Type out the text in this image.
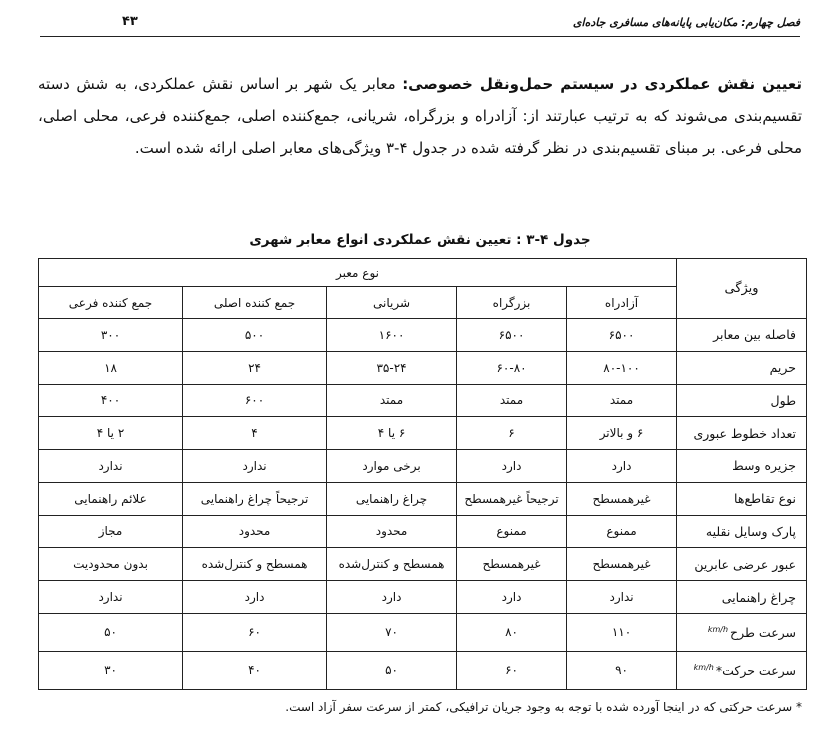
فصل چهارم: مکان‌یابی پایانه‌های مسافری جاده‌ای
۴۳
تعیین نقش عملکردی در سیستم حمل‌ونقل خصوصی: معابر یک شهر بر اساس نقش عملکردی، به شش دسته تقسیم‌بندی می‌شوند که به ترتیب عبارتند از: آزادراه و بزرگراه، شریانی، جمع‌کننده اصلی، جمع‌کننده فرعی، محلی اصلی، محلی فرعی. بر مبنای تقسیم‌بندی در نظر گرفته شده در جدول ۴-۳ ویژگی‌های معابر اصلی ارائه شده است.
جدول ۴-۳ : تعیین نقش عملکردی انواع معابر شهری
ویژگی	نوع معبر				
	آزادراه	بزرگراه	شریانی	جمع کننده اصلی	جمع کننده فرعی
فاصله بین معابر	۶۵۰۰	۶۵۰۰	۱۶۰۰	۵۰۰	۳۰۰
حریم	۸۰-۱۰۰	۶۰-۸۰	۳۵-۲۴	۲۴	۱۸
طول	ممتد	ممتد	ممتد	۶۰۰	۴۰۰
تعداد خطوط عبوری	۶ و بالاتر	۶	۶ یا ۴	۴	۲ یا ۴
جزیره وسط	دارد	دارد	برخی موارد	ندارد	ندارد
نوع تقاطع‌ها	غیرهمسطح	ترجیحاً غیرهمسطح	چراغ راهنمایی	ترجیحاً چراغ راهنمایی	علائم راهنمایی
پارک وسایل نقلیه	ممنوع	ممنوع	محدود	محدود	مجاز
عبور عرضی عابرین	غیرهمسطح	غیرهمسطح	همسطح و کنترل‌شده	همسطح و کنترل‌شده	بدون محدودیت
چراغ راهنمایی	ندارد	دارد	دارد	دارد	ندارد
سرعت طرح$^{km/h}$	۱۱۰	۸۰	۷۰	۶۰	۵۰
سرعت حرکت*$^{km/h}$	۹۰	۶۰	۵۰	۴۰	۳۰
* سرعت حرکتی که در اینجا آورده شده با توجه به وجود جریان ترافیکی، کمتر از سرعت سفر آزاد است.
